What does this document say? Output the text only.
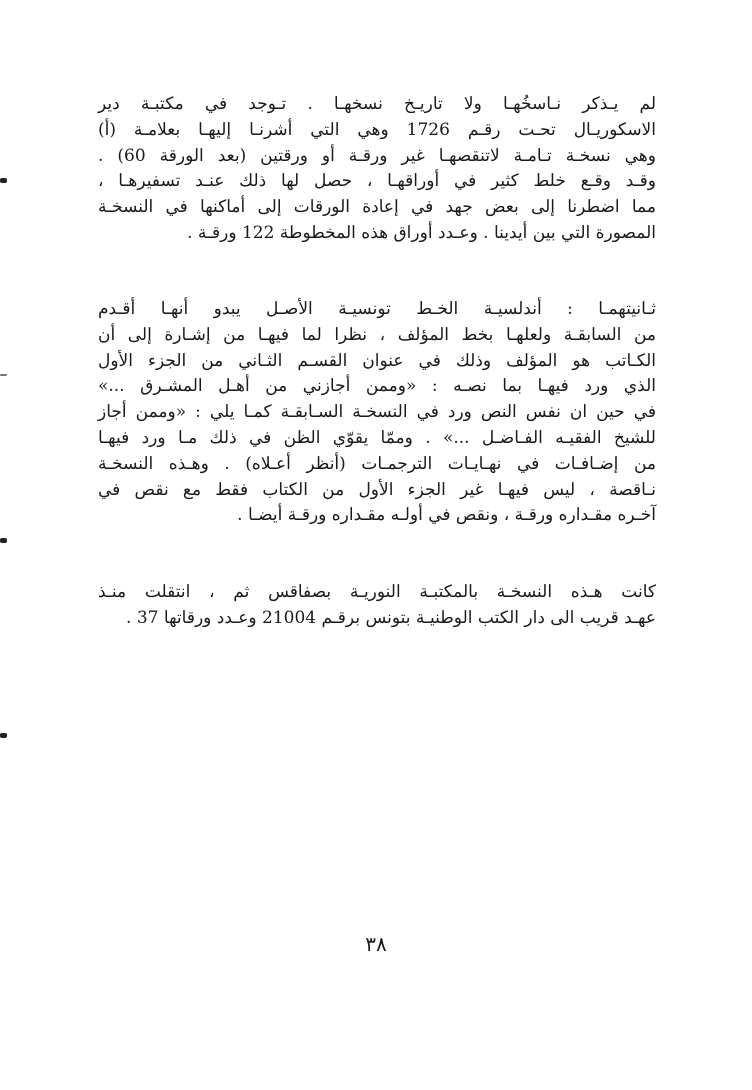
لم يـذكر نـاسخُهـا ولا تاريـخ نسخهـا . تـوجد في مكتبـة دير
الاسكوريـال تحـت رقـم 1726 وهي التي أشرنـا إليهـا بعلامـة (أ)
وهي نسخـة تـامـة لاتنقصهـا غير ورقـة أو ورقتين (بعد الورقة 60) .
وقـد وقـع خلط كثير في أوراقهـا ، حصل لها ذلك عنـد تسفيرهـا ،
مما اضطرنا إلى بعض جهد في إعادة الورقات إلى أماكنها في النسخـة
المصورة التي بين أيدينا . وعـدد أوراق هذه المخطوطة 122 ورقـة .
ثـانيتهمـا : أندلسيـة الخـط تونسيـة الأصـل يبدو أنهـا أقـدم
من السابقـة ولعلهـا بخط المؤلف ، نظرا لما فيهـا من إشـارة إلى أن
الكـاتب هو المؤلف وذلك في عنوان القسـم الثـاني من الجزء الأول
الذي ورد فيهـا بما نصـه : «وممن أجازني من أهـل المشـرق ...»
في حين ان نفس النص ورد في النسخـة السـابقـة كمـا يلي : «وممن أجاز
للشيخ الفقيـه الفـاضـل ...» . وممّا يقوّي الظن في ذلك مـا ورد فيهـا
من إضـافـات في نهـايـات الترجمـات (أنظر أعـلاه) . وهـذه النسخـة
نـاقصة ، ليس فيهـا غير الجزء الأول من الكتاب فقط مع نقص في
آخـره مقـداره ورقـة ، ونقص في أولـه مقـداره ورقـة أيضـا .
كانت هـذه النسخـة بالمكتبـة النوريـة بصفاقس ثم ، انتقلت منـذ
عهـد قريب الى دار الكتب الوطنيـة بتونس برقـم 21004 وعـدد ورقاتها 37 .
٣٨
